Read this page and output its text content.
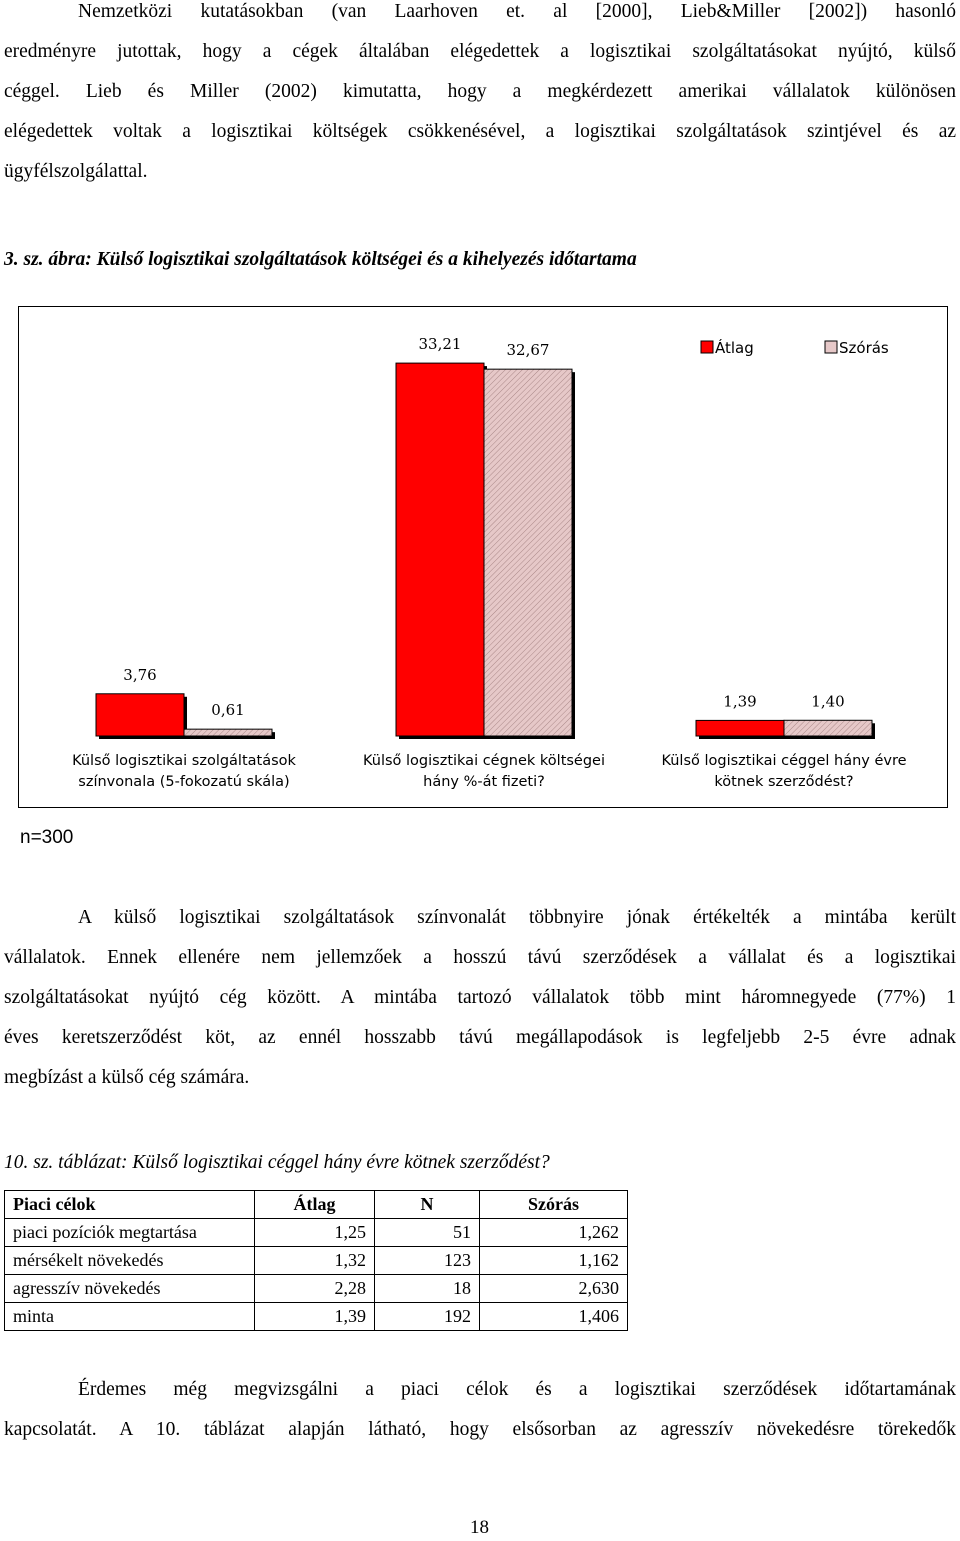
Nemzetközi kutatásokban (van Laarhoven et. al [2000], Lieb&Miller [2002]) hasonló
eredményre jutottak, hogy a cégek általában elégedettek a logisztikai szolgáltatásokat nyújtó, külső
céggel. Lieb és Miller (2002) kimutatta, hogy a megkérdezett amerikai vállalatok különösen
elégedettek voltak a logisztikai költségek csökkenésével, a logisztikai szolgáltatások szintjével és az
ügyfélszolgálattal.
3. sz. ábra: Külső logisztikai szolgáltatások költségei és a kihelyezés időtartama
3,76
33,21
1,39
0,61
32,67
1,40
Külső logisztikai szolgáltatások
színvonala (5-fokozatú skála)
Külső logisztikai cégnek költségei
hány %-át fizeti?
Külső logisztikai céggel hány évre
kötnek szerződést?
Átlag	Szórás
n=300
A külső logisztikai szolgáltatások színvonalát többnyire jónak értékelték a mintába került
vállalatok. Ennek ellenére nem jellemzőek a hosszú távú szerződések a vállalat és a logisztikai
szolgáltatásokat nyújtó cég között. A mintába tartozó vállalatok több mint háromnegyede (77%) 1
éves keretszerződést köt, az ennél hosszabb távú megállapodások is legfeljebb 2-5 évre adnak
megbízást a külső cég számára.
10. sz. táblázat: Külső logisztikai céggel hány évre kötnek szerződést?
Piaci célok	Átlag	N	Szórás
piaci pozíciók megtartása	1,25	51	1,262
mérsékelt növekedés	1,32	123	1,162
agresszív növekedés	2,28	18	2,630
minta	1,39	192	1,406
Érdemes még megvizsgálni a piaci célok és a logisztikai szerződések időtartamának
kapcsolatát. A 10. táblázat alapján látható, hogy elsősorban az agresszív növekedésre törekedők
18
